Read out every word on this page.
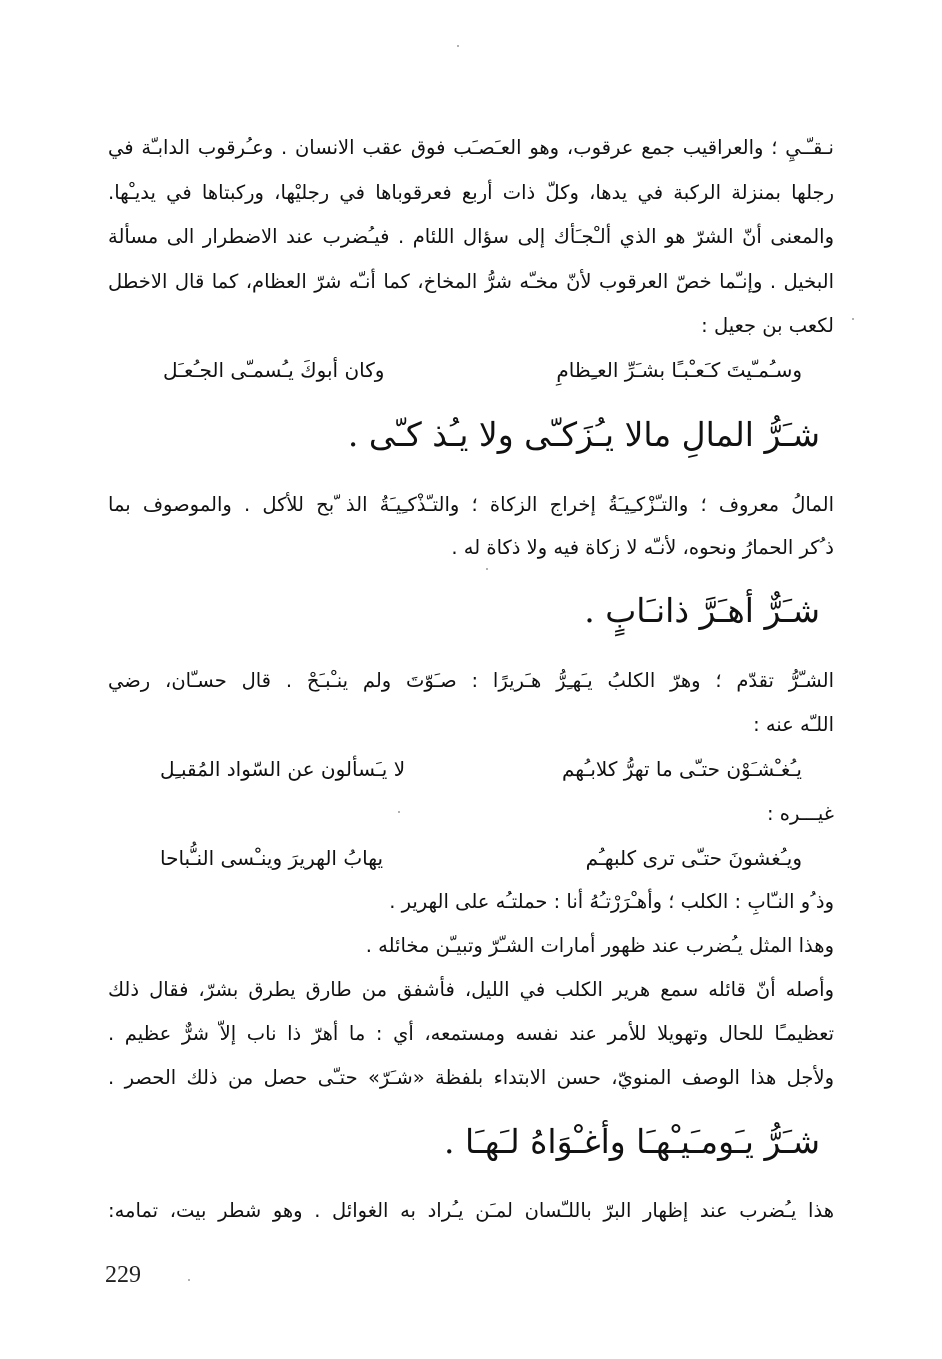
نـقـّـيِ ؛ والعراقيب جمع عرقوب، وهو العـَصـَب فوق عقب الانسان . وعـُرقوب الدابـّة في
رجلها بمنزلة الركبة في يدها، وكلّ ذات أربع فعرقوباها في رجليْها، وركبتاها في يديـْها.
والمعنى أنّ الشرّ هو الذي ألـْجـَأك إلى سؤال اللئام . فيـُضرب عند الاضطرار الى مسألة
البخيل . وإنـّما خصّ العرقوب لأنّ مخـّه شرُّ المخاخ، كما أنـّه شرّ العظام، كما قال الاخطل
لكعب بن جعيل :
وسـُمـّيتَ كـَعـْبـًا بشـَرِّ العـِظامِ
وكان أبوكَ يـُسمـّى الجـُعـَل
شـَرُّ المالِ مالا يـُزَكـّى ولا يـُذ كـّى .
المالُ معروف ؛ والتـّزْكـِيـَةُ إخراج الزكاة ؛ والتـّذْكـِيـَةُ الذ ّبح للأكل . والموصوف بما
ذ ُكر الحمارُ ونحوه، لأنـّه لا زكاة فيه ولا ذكاة له .
شـَرٌّ أهـَرَّ ذانـَابٍ .
الشـّرُّ تقدّم ؛ وهرّ الكلبُ يـَهـِرُّ هـَريرًا : صـَوّتَ ولم ينـْبـَحْ . قال حسـّان، رضي
اللـّه عنه :
يـُغـْشـَوْن حتـّى ما تهرُّ كلابـُهم
لا يـَسألون عن السّواد المُقبـِل
غيـــره :
ويـُغشونَ حتـّى ترى كلبهـُم
يهابُ الهريرَ وينـْسى النـُّباحا
وذ ُو النـّابِ : الكلب ؛ وأهـْرَرْتـُهُ أنا : حملتـُه على الهرير .
وهذا المثل يـُضرب عند ظهور أمارات الشـّرّ وتبيـّن مخائله .
وأصله أنّ قائله سمع هرير الكلب في الليل، فأشفق من طارق يطرق بشرّ، فقال ذلك
تعظيمـًا للحال وتهويلا للأمر عند نفسه ومستمعه، أي : ما أهرّ ذا ناب إلاّ شرٌّ عظيم .
ولأجل هذا الوصف المنويّ، حسن الابتداء بلفظة «شـَرّ» حتـّى حصل من ذلك الحصر .
شـَرُّ يـَومـَيـْهـَا وأغـْوَاهُ لـَهـَا .
هذا يـُضرب عند إظهار البرّ باللـّسان لمـَن يـُراد به الغوائل . وهو شطر بيت، تمامه:
229
